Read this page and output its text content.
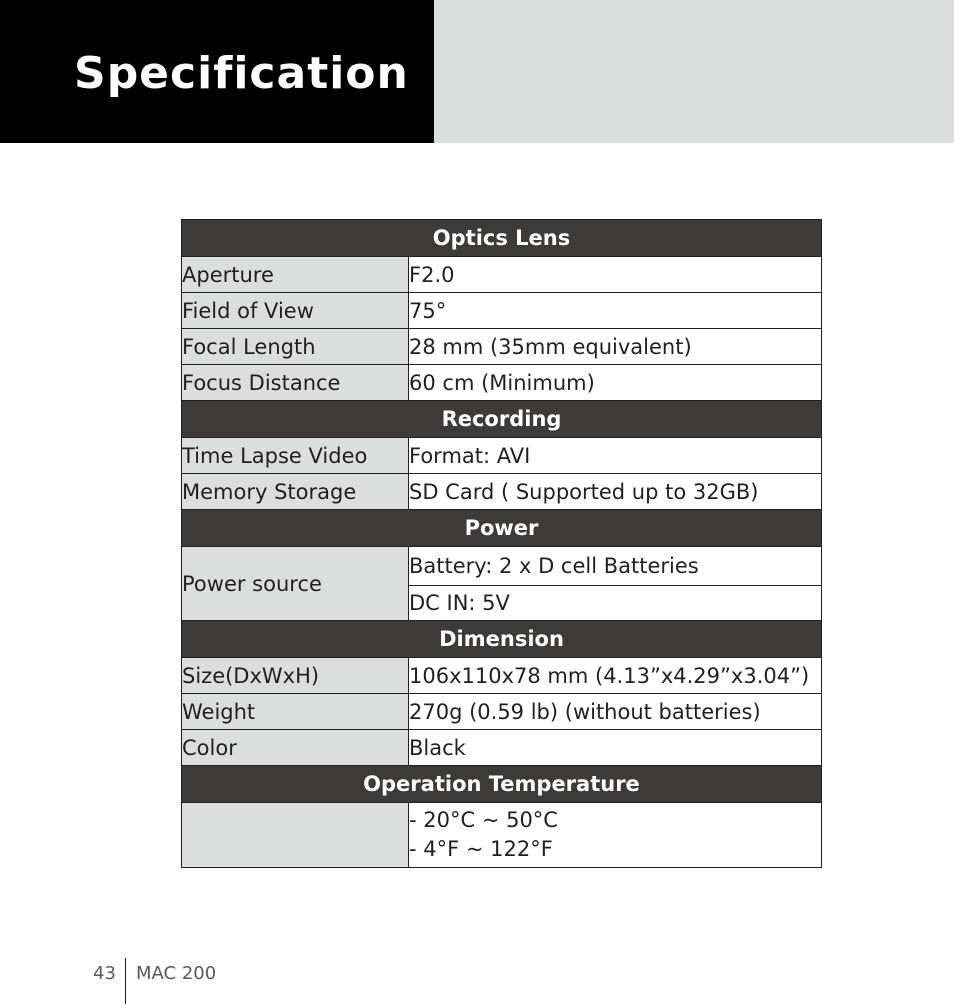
Specification
Optics Lens	
Aperture	F2.0
Field of View	75°
Focal Length	28 mm (35mm equivalent)
Focus Distance	60 cm (Minimum)
Recording	
Time Lapse Video	Format: AVI
Memory Storage	SD Card ( Supported up to 32GB)
Power	
Power source	Battery: 2 x D cell Batteries
	DC IN: 5V
Dimension	
Size(DxWxH)	106x110x78 mm (4.13”x4.29”x3.04”)
Weight	270g (0.59 lb) (without batteries)
Color	Black
Operation Temperature	

	- 20°C ~ 50°C
- 4°F ~ 122°F
43 MAC 200
